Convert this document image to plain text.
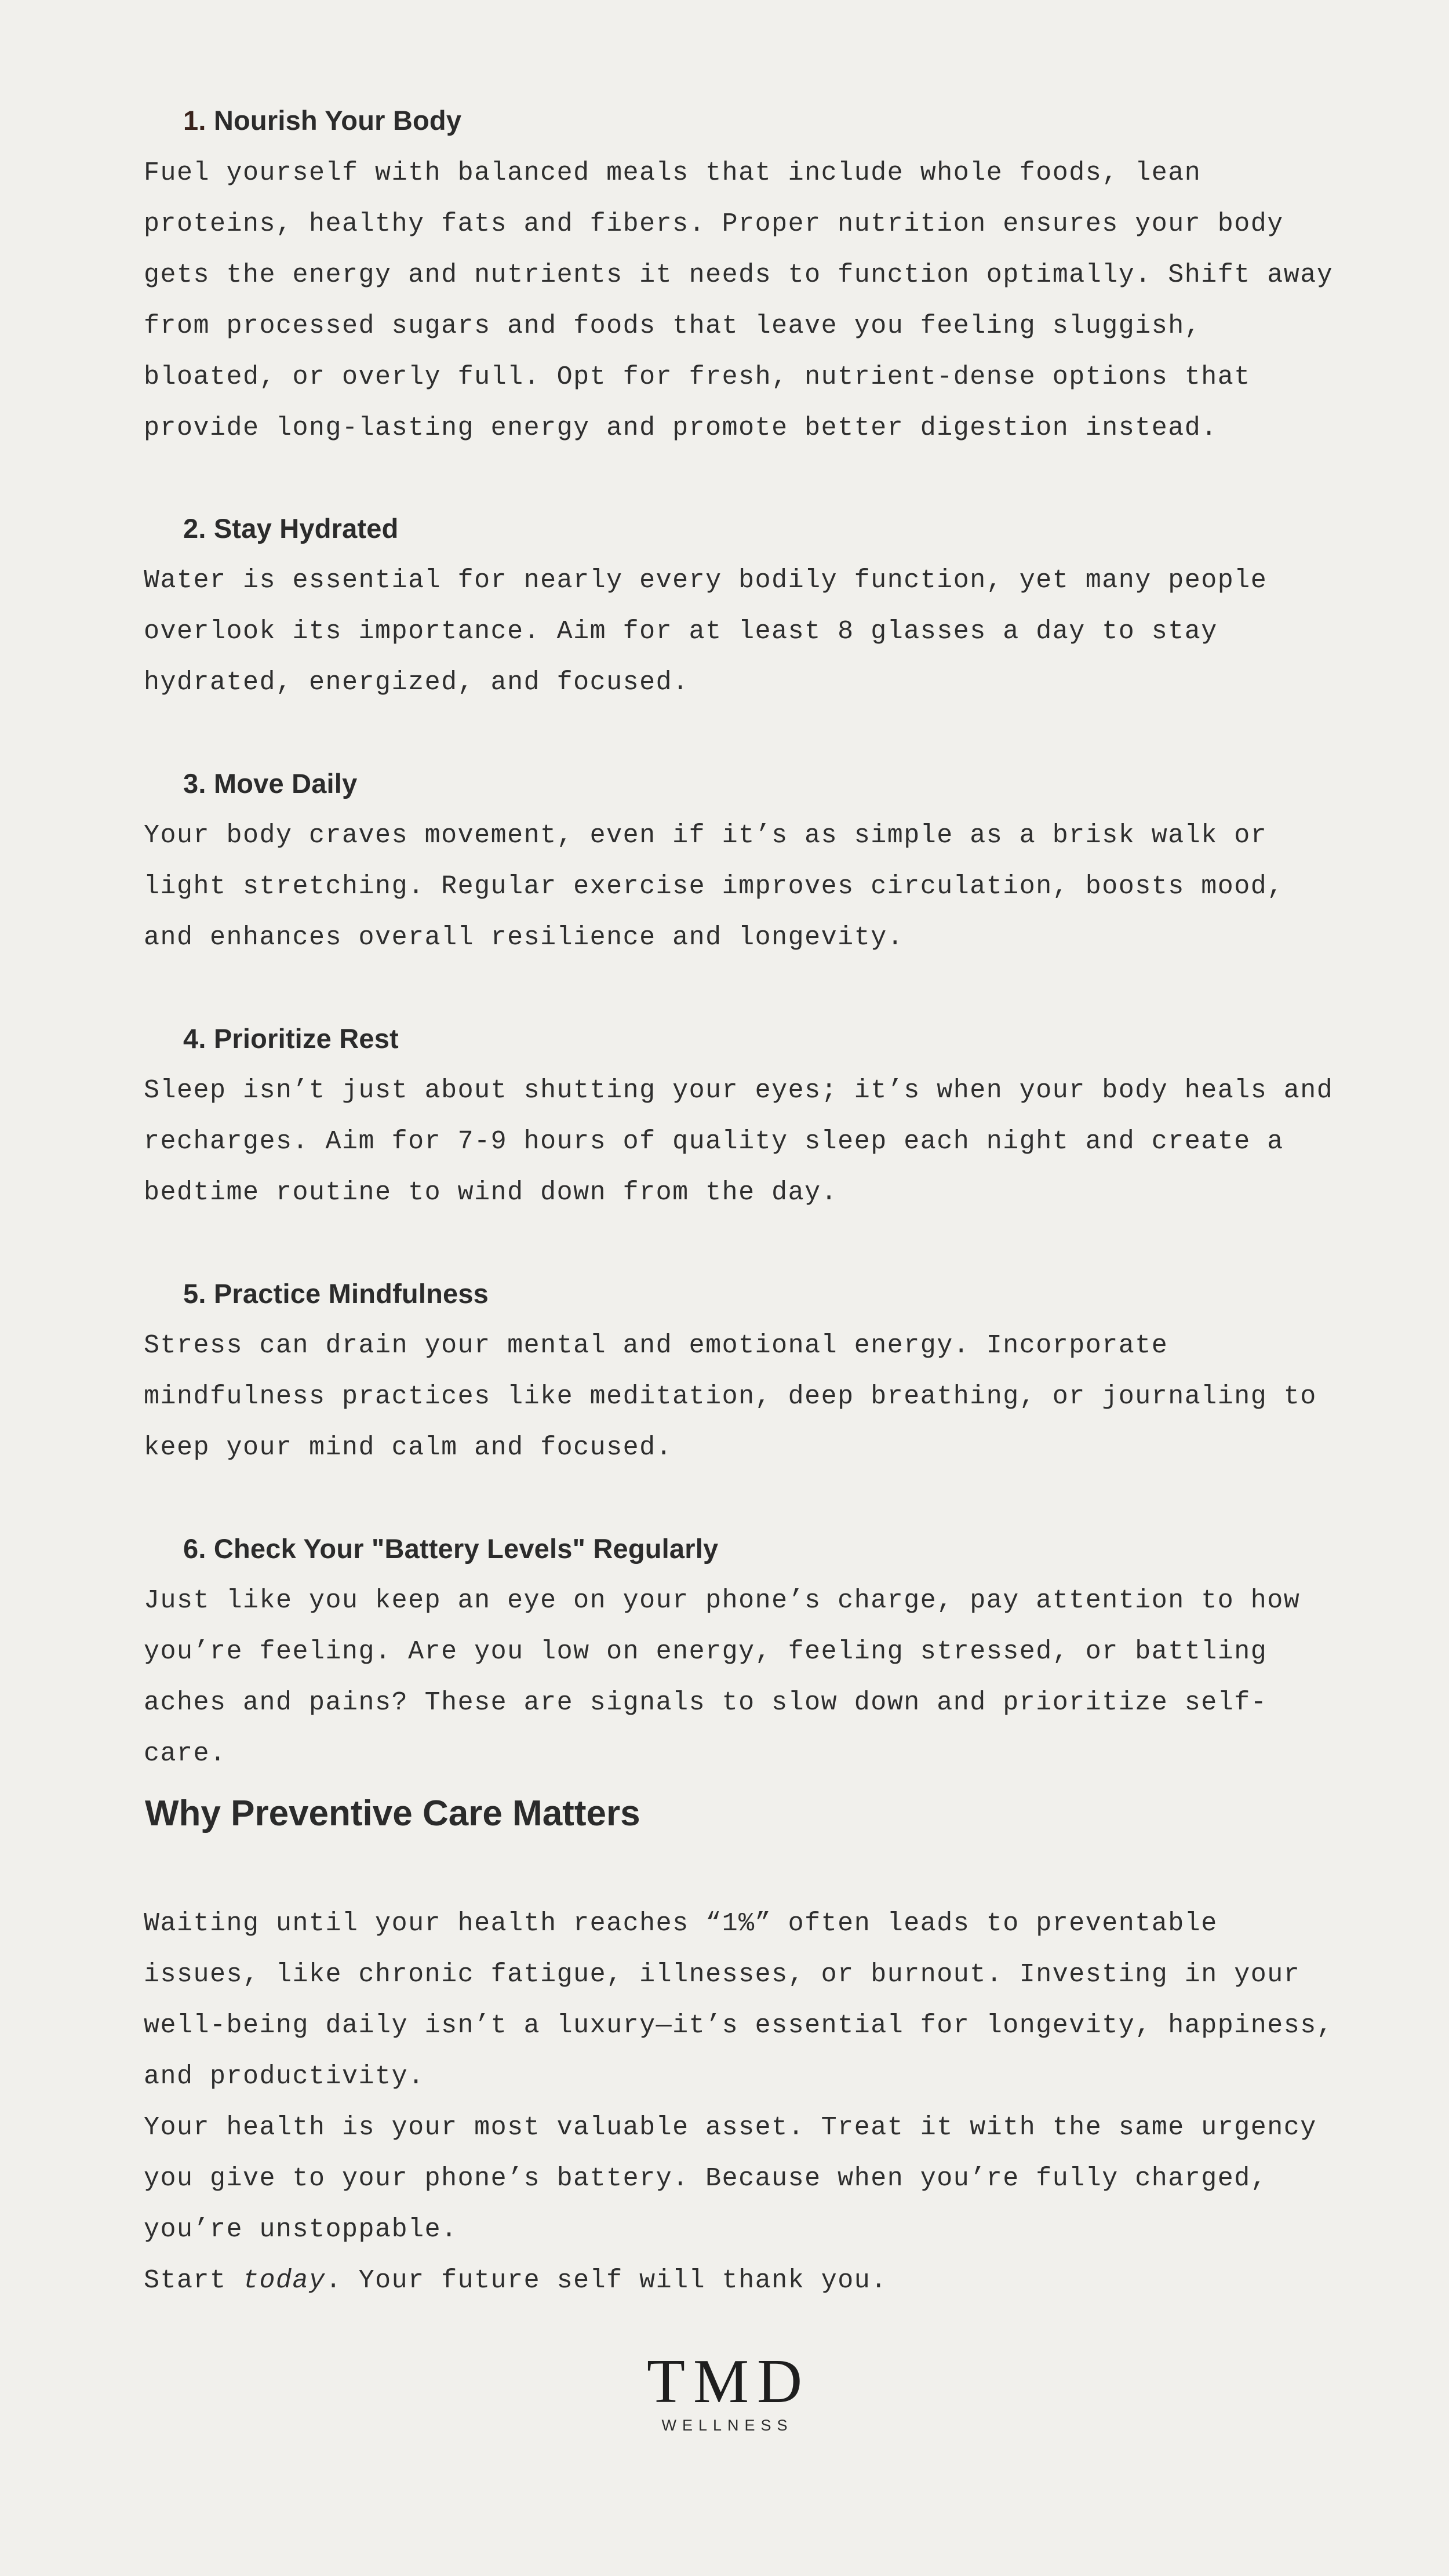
1. Nourish Your Body

Fuel yourself with balanced meals that include whole foods, lean proteins, healthy fats and fibers. Proper nutrition ensures your body gets the energy and nutrients it needs to function optimally. Shift away from processed sugars and foods that leave you feeling sluggish, bloated, or overly full. Opt for fresh, nutrient-dense options that provide long-lasting energy and promote better digestion instead.

2. Stay Hydrated

Water is essential for nearly every bodily function, yet many people overlook its importance. Aim for at least 8 glasses a day to stay hydrated, energized, and focused.

3. Move Daily

Your body craves movement, even if it’s as simple as a brisk walk or light stretching. Regular exercise improves circulation, boosts mood, and enhances overall resilience and longevity.

4. Prioritize Rest

Sleep isn’t just about shutting your eyes; it’s when your body heals and recharges. Aim for 7-9 hours of quality sleep each night and create a bedtime routine to wind down from the day.

5. Practice Mindfulness

Stress can drain your mental and emotional energy. Incorporate mindfulness practices like meditation, deep breathing, or journaling to keep your mind calm and focused.

6. Check Your "Battery Levels" Regularly

Just like you keep an eye on your phone’s charge, pay attention to how you’re feeling. Are you low on energy, feeling stressed, or battling aches and pains? These are signals to slow down and prioritize self-care.

Why Preventive Care Matters

Waiting until your health reaches “1%” often leads to preventable issues, like chronic fatigue, illnesses, or burnout. Investing in your well-being daily isn’t a luxury—it’s essential for longevity, happiness, and productivity.

Your health is your most valuable asset. Treat it with the same urgency you give to your phone’s battery. Because when you’re fully charged, you’re unstoppable.

Start today. Your future self will thank you.

TMD
WELLNESS
